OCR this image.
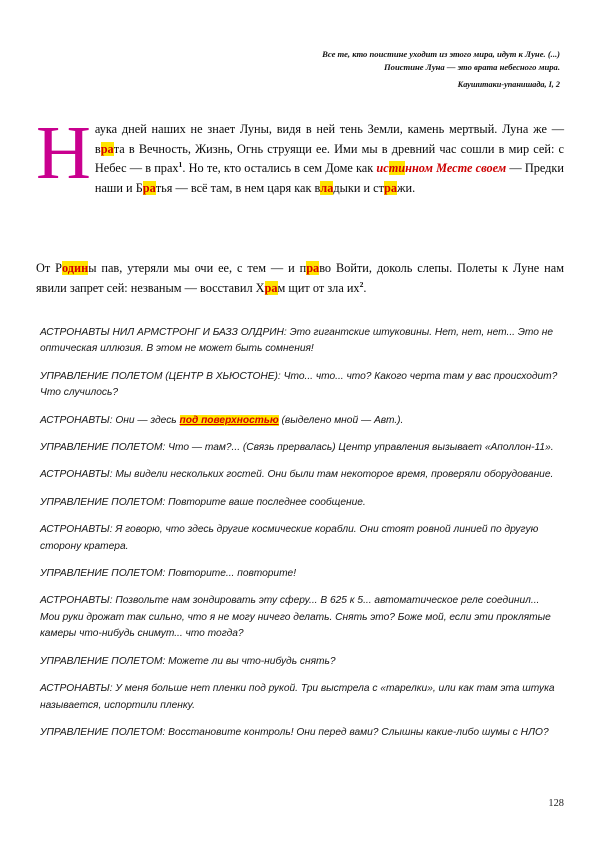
Все те, кто поистине уходит из этого мира, идут к Луне. (...)
Поистине Луна — это врата небесного мира.
Каушитаки-упанишада, I, 2

Наука дней наших не знает Луны, видя в ней тень Земли, камень мертвый. Луна же — врата в Вечность, Жизнь, Огнь струящи ее. Ими мы в древний час сошли в мир сей: с Небес — в прах$^1$. Но те, кто остались в сем Доме как истинном Месте своем — Предки наши и Братья — всё там, в нем царя как владыки и стражи.

От Родины пав, утеряли мы очи ее, с тем — и право Войти, доколь слепы. Полеты к Луне нам явили запрет сей: незваным — восставил Храм щит от зла $их^2$.

АСТРОНАВТЫ НИЛ АРМСТРОНГ И БАЗЗ ОЛДРИН: Это гигантские штуковины. Нет, нет, нет... Это не оптическая иллюзия. В этом не может быть сомнения!

УПРАВЛЕНИЕ ПОЛЕТОМ (ЦЕНТР В ХЬЮСТОНЕ): Что... что... что? Какого черта там у вас происходит? Что случилось?

АСТРОНАВТЫ: Они — здесь под поверхностью (выделено мной — Авт.).

УПРАВЛЕНИЕ ПОЛЕТОМ: Что — там?... (Связь прервалась) Центр управления вызывает «Аполлон-11».

АСТРОНАВТЫ: Мы видели нескольких гостей. Они были там некоторое время, проверяли оборудование.

УПРАВЛЕНИЕ ПОЛЕТОМ: Повторите ваше последнее сообщение.

АСТРОНАВТЫ: Я говорю, что здесь другие космические корабли. Они стоят ровной линией по другую сторону кратера.

УПРАВЛЕНИЕ ПОЛЕТОМ: Повторите... повторите!

АСТРОНАВТЫ: Позвольте нам зондировать эту сферу... В 625 к 5... автоматическое реле соединил... Мои руки дрожат так сильно, что я не могу ничего делать. Снять это? Боже мой, если эти проклятые камеры что-нибудь снимут... что тогда?

УПРАВЛЕНИЕ ПОЛЕТОМ: Можете ли вы что-нибудь снять?

АСТРОНАВТЫ: У меня больше нет пленки под рукой. Три выстрела с «тарелки», или как там эта штука называется, испортили пленку.

УПРАВЛЕНИЕ ПОЛЕТОМ: Восстановите контроль! Они перед вами? Слышны какие-либо шумы с НЛО?

128
